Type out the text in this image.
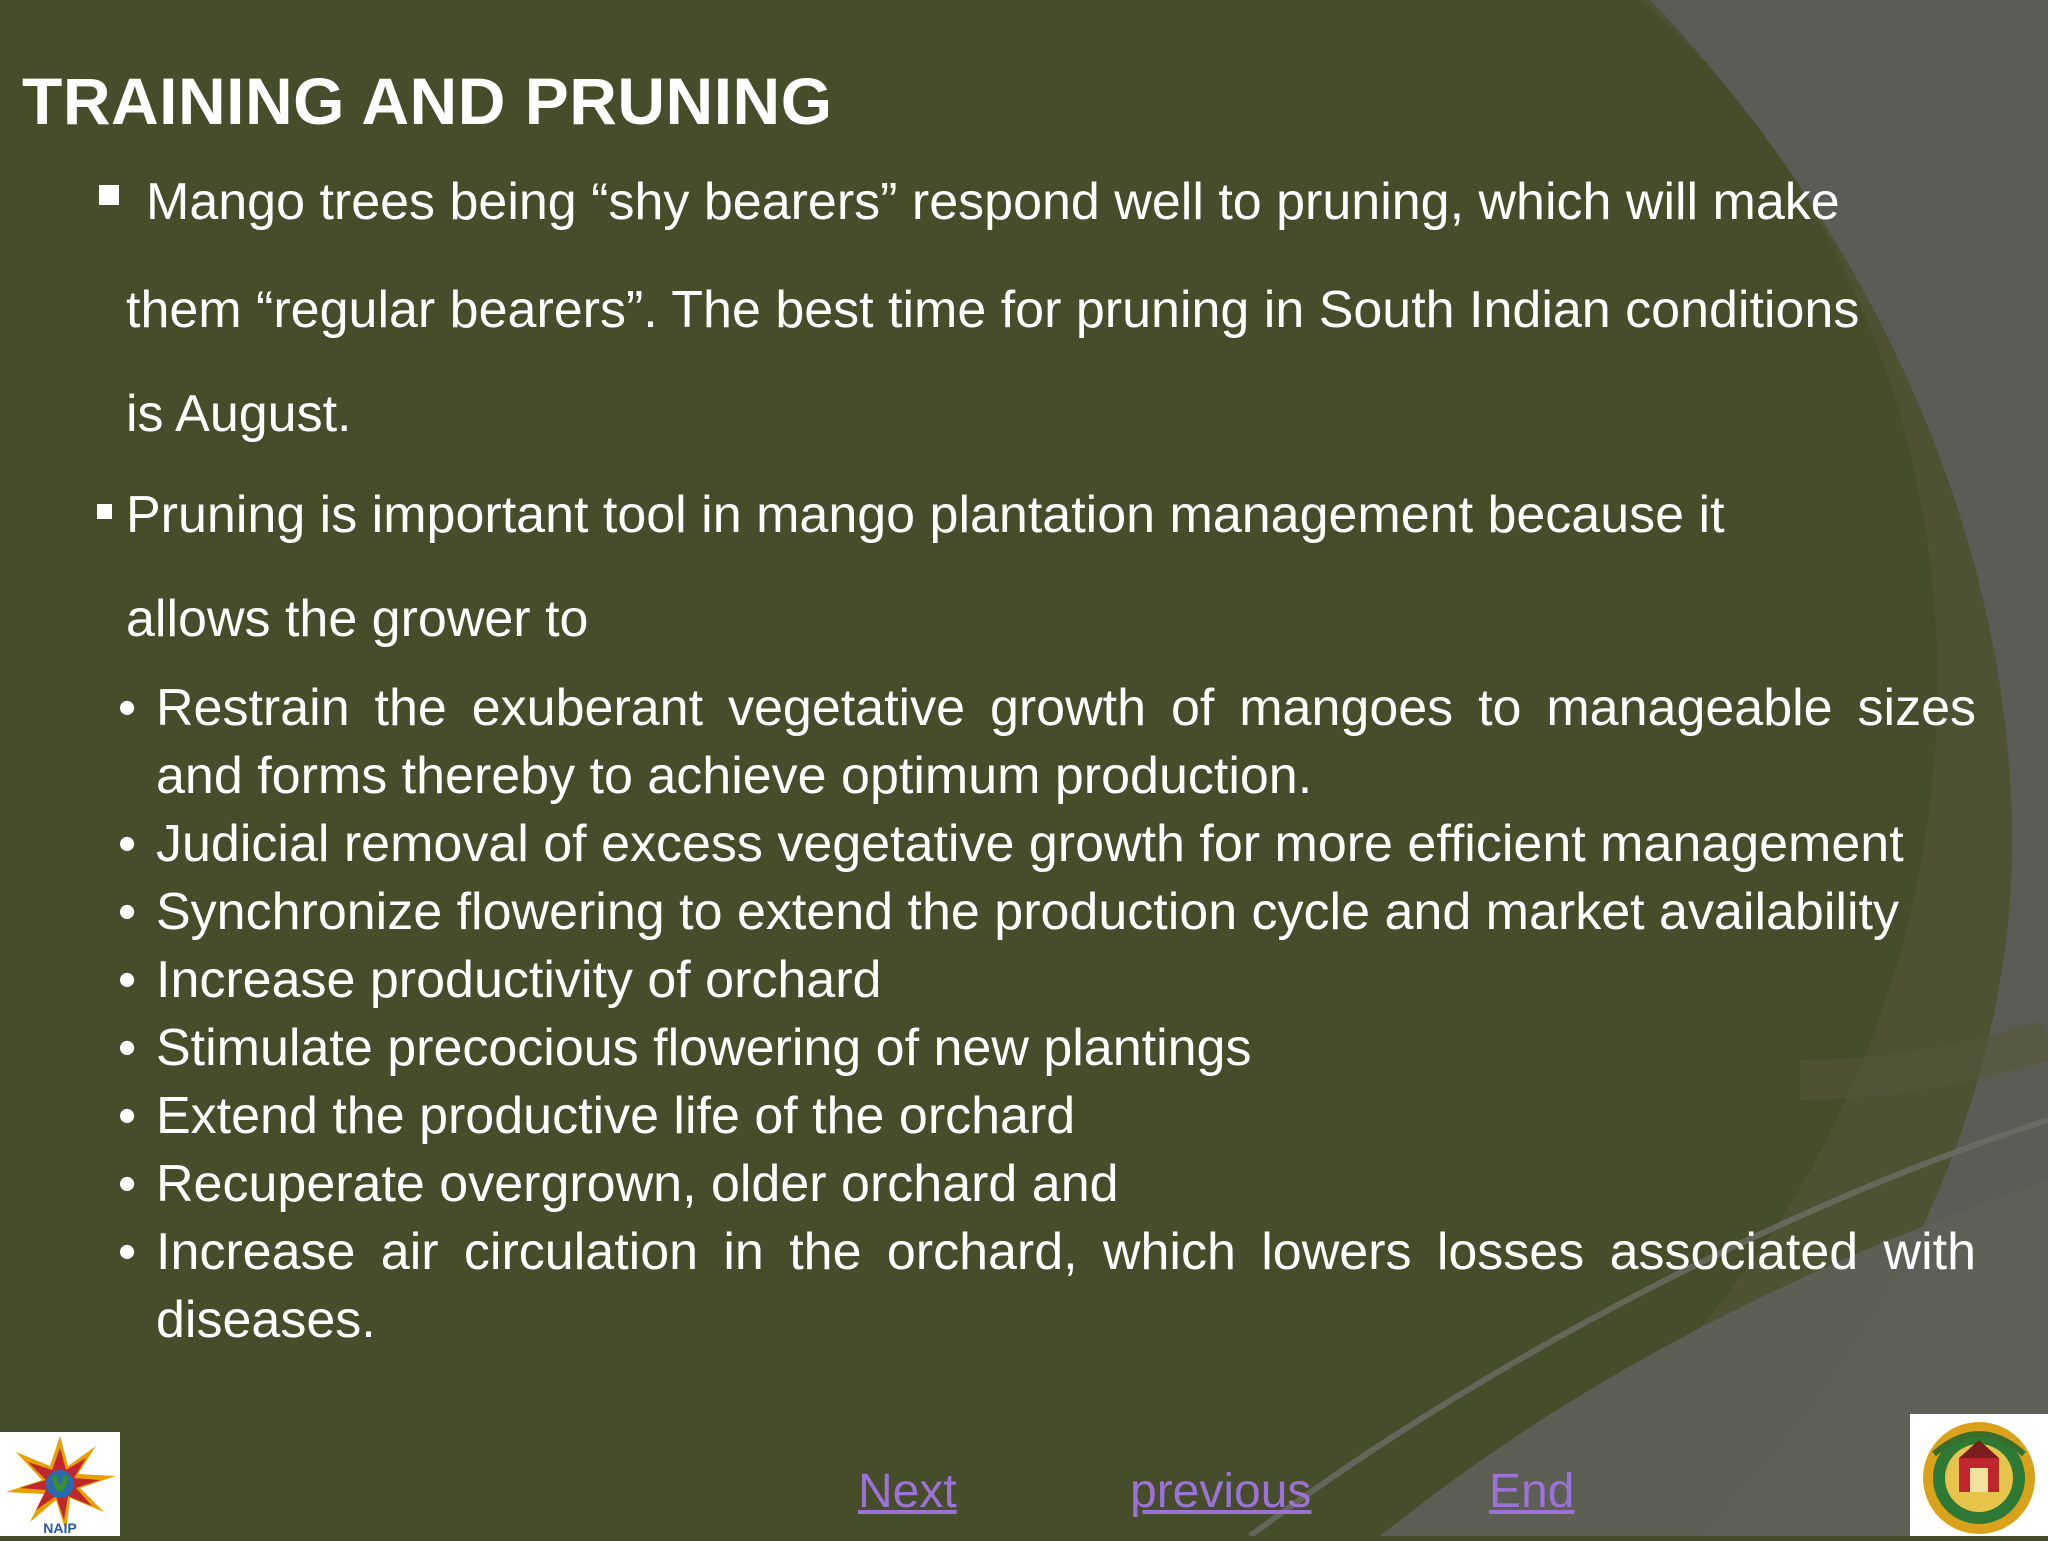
TRAINING AND PRUNING
Mango trees being “shy bearers” respond well to pruning, which will make
them “regular bearers”. The best time for pruning in South Indian conditions
is August.
Pruning is important tool in mango plantation management because it
allows the grower to
• Restrain the exuberant vegetative growth of mangoes to manageable sizes and forms thereby to achieve optimum production.
• Judicial removal of excess vegetative growth for more efficient management
• Synchronize flowering to extend the production cycle and market availability
• Increase productivity of orchard
• Stimulate precocious flowering of new plantings
• Extend the productive life of the orchard
• Recuperate overgrown, older orchard and
• Increase air circulation in the orchard, which lowers losses associated with diseases.
Next	previous	End
NAIP
